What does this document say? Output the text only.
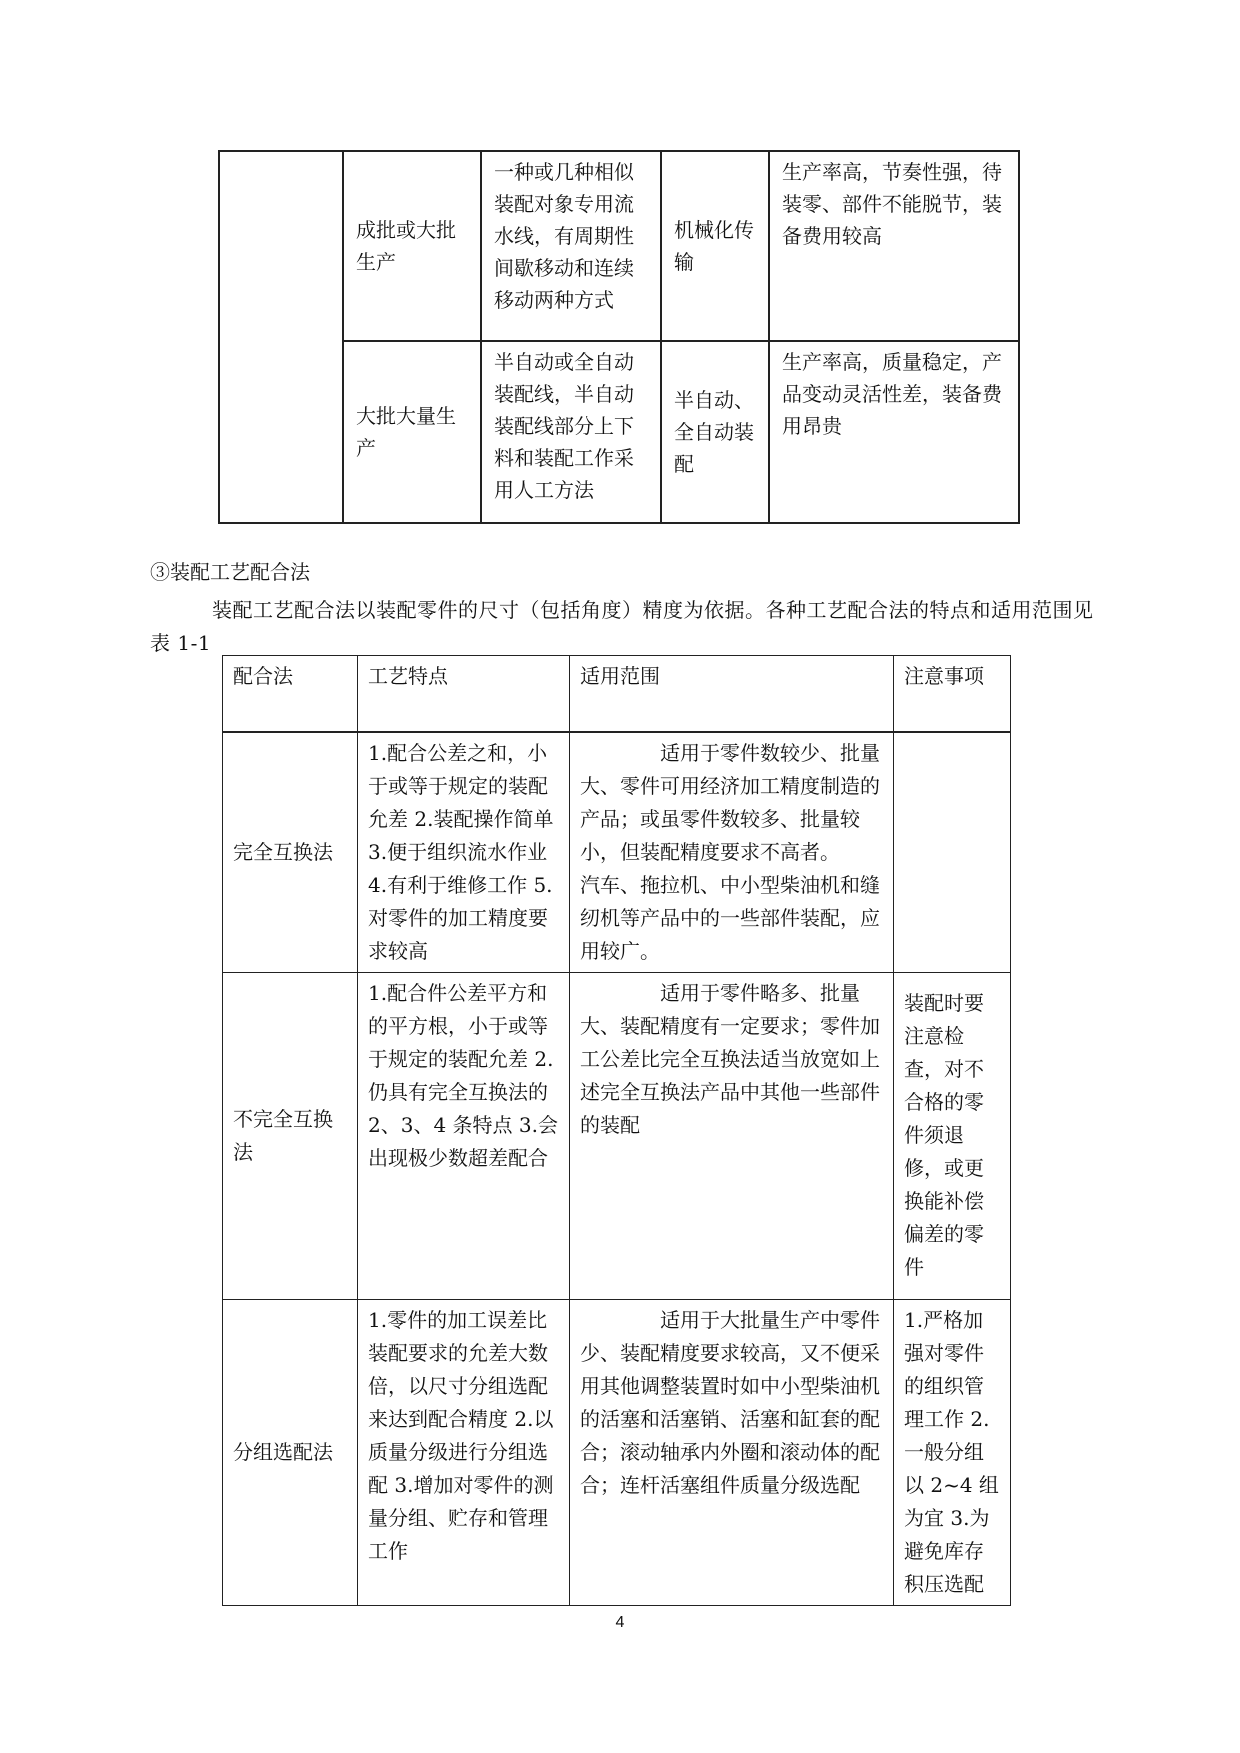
	成批或大批生产	一种或几种相似装配对象专用流水线，有周期性间歇移动和连续移动两种方式	机械化传输	生产率高，节奏性强，待装零、部件不能脱节，装备费用较高
	大批大量生产	半自动或全自动装配线，半自动装配线部分上下料和装配工作采用人工方法	半自动、全自动装配	生产率高，质量稳定，产品变动灵活性差，装备费用昂贵
③装配工艺配合法
装配工艺配合法以装配零件的尺寸（包括角度）精度为依据。各种工艺配合法的特点和适用范围见表 1-1
配合法	工艺特点	适用范围	注意事项
完全互换法	1.配合公差之和，小于或等于规定的装配允差 2.装配操作简单 3.便于组织流水作业 4.有利于维修工作 5.对零件的加工精度要求较高	适用于零件数较少、批量大、零件可用经济加工精度制造的产品；或虽零件数较多、批量较小，但装配精度要求不高者。　　　汽车、拖拉机、中小型柴油机和缝纫机等产品中的一些部件装配，应用较广。	
不完全互换法	1.配合件公差平方和的平方根，小于或等于规定的装配允差 2.仍具有完全互换法的 2、3、4 条特点 3.会出现极少数超差配合	适用于零件略多、批量大、装配精度有一定要求；零件加工公差比完全互换法适当放宽如上述完全互换法产品中其他一些部件的装配	装配时要注意检查，对不合格的零件须退修，或更换能补偿偏差的零件
分组选配法	1.零件的加工误差比装配要求的允差大数倍，以尺寸分组选配来达到配合精度 2.以质量分级进行分组选配 3.增加对零件的测量分组、贮存和管理工作	适用于大批量生产中零件少、装配精度要求较高，又不便采用其他调整装置时如中小型柴油机的活塞和活塞销、活塞和缸套的配合；滚动轴承内外圈和滚动体的配合；连杆活塞组件质量分级选配	1.严格加强对零件的组织管理工作 2.一般分组以 2~4 组为宜 3.为避免库存积压选配
4
